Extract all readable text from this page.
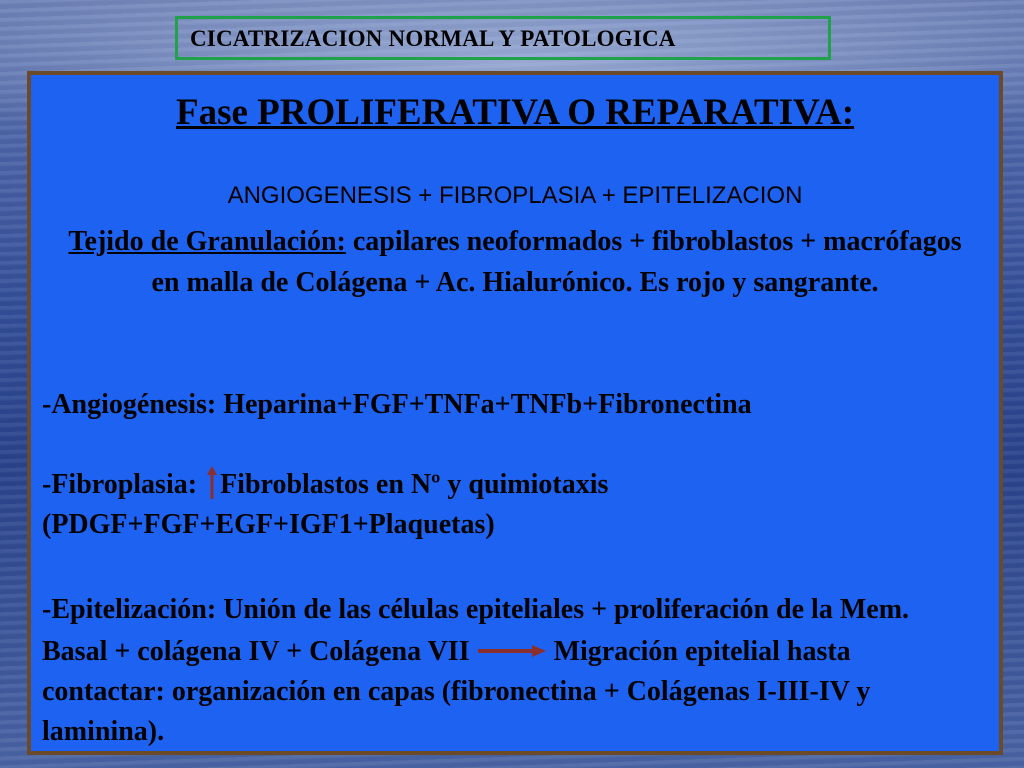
CICATRIZACION NORMAL Y PATOLOGICA
Fase PROLIFERATIVA O REPARATIVA:
ANGIOGENESIS + FIBROPLASIA + EPITELIZACION
Tejido de Granulación: capilares neoformados + fibroblastos + macrófagos en malla de Colágena + Ac. Hialurónico. Es rojo y sangrante.
-Angiogénesis: Heparina+FGF+TNFa+TNFb+Fibronectina
-Fibroplasia: Fibroblastos en Nº y quimiotaxis (PDGF+FGF+EGF+IGF1+Plaquetas)
-Epitelización: Unión de las células epiteliales + proliferación de la Mem. Basal + colágena IV + Colágena VII	Migración epitelial hasta contactar: organización en capas (fibronectina + Colágenas I-III-IV y laminina).
